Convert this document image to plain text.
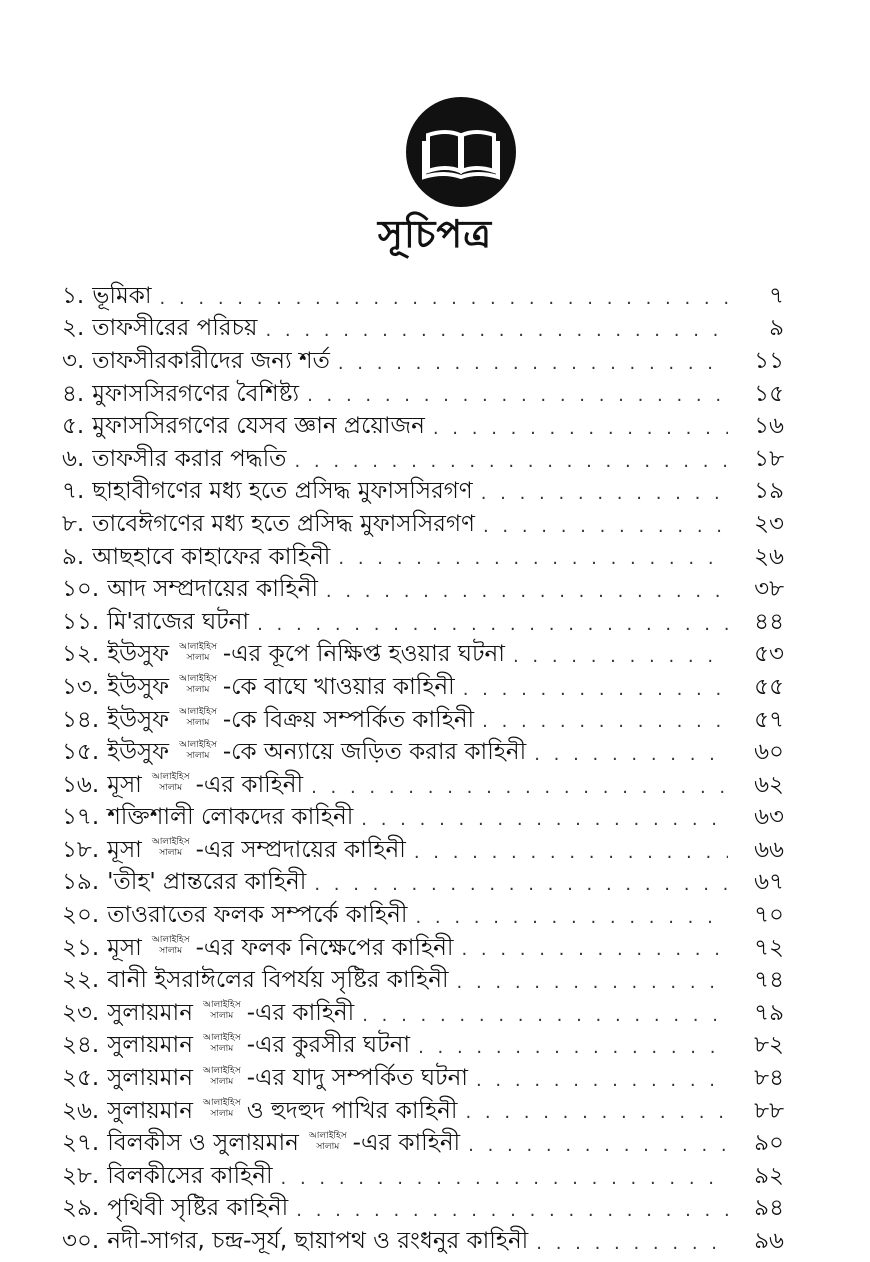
সূচিপত্র
১. ভূমিকা . . .	৭
২. তাফসীরের পরিচয় . . .	৯
৩. তাফসীরকারীদের জন্য শর্ত . . .	১১
৪. মুফাসসিরগণের বৈশিষ্ট্য . . .	১৫
৫. মুফাসসিরগণের যেসব জ্ঞান প্রয়োজন . . .	১৬
৬. তাফসীর করার পদ্ধতি . . .	১৮
৭. ছাহাবীগণের মধ্য হতে প্রসিদ্ধ মুফাসসিরগণ . . .	১৯
৮. তাবেঈগণের মধ্য হতে প্রসিদ্ধ মুফাসসিরগণ . . .	২৩
৯. আছহাবে কাহাফের কাহিনী . . .	২৬
১০. আদ সম্প্রদায়ের কাহিনী . . .	৩৮
১১. মি'রাজের ঘটনা . . .	৪৪
১২. ইউসুফ আলাইহিস
সালাম -এর কূপে নিক্ষিপ্ত হওয়ার ঘটনা . . .	৫৩
১৩. ইউসুফ আলাইহিস
সালাম -কে বাঘে খাওয়ার কাহিনী . . .	৫৫
১৪. ইউসুফ আলাইহিস
সালাম -কে বিক্রয় সম্পর্কিত কাহিনী . . .	৫৭
১৫. ইউসুফ আলাইহিস
সালাম -কে অন্যায়ে জড়িত করার কাহিনী . . .	৬০
১৬. মূসা আলাইহিস
সালাম -এর কাহিনী . . .	৬২
১৭. শক্তিশালী লোকদের কাহিনী . . .	৬৩
১৮. মূসা আলাইহিস
সালাম -এর সম্প্রদায়ের কাহিনী . . .	৬৬
১৯. 'তীহ' প্রান্তরের কাহিনী . . .	৬৭
২০. তাওরাতের ফলক সম্পর্কে কাহিনী . . .	৭০
২১. মূসা আলাইহিস
সালাম -এর ফলক নিক্ষেপের কাহিনী . . .	৭২
২২. বানী ইসরাঈলের বিপর্যয় সৃষ্টির কাহিনী . . .	৭৪
২৩. সুলায়মান আলাইহিস
সালাম -এর কাহিনী . . .	৭৯
২৪. সুলায়মান আলাইহিস
সালাম -এর কুরসীর ঘটনা . . .	৮২
২৫. সুলায়মান আলাইহিস
সালাম -এর যাদু সম্পর্কিত ঘটনা . . .	৮৪
২৬. সুলায়মান আলাইহিস
সালাম ও হুদহুদ পাখির কাহিনী . . .	৮৮
২৭. বিলকীস ও সুলায়মান আলাইহিস
সালাম -এর কাহিনী . . .	৯০
২৮. বিলকীসের কাহিনী . . .	৯২
২৯. পৃথিবী সৃষ্টির কাহিনী . . .	৯৪
৩০. নদী-সাগর, চন্দ্র-সূর্য, ছায়াপথ ও রংধনুর কাহিনী . . .	৯৬
